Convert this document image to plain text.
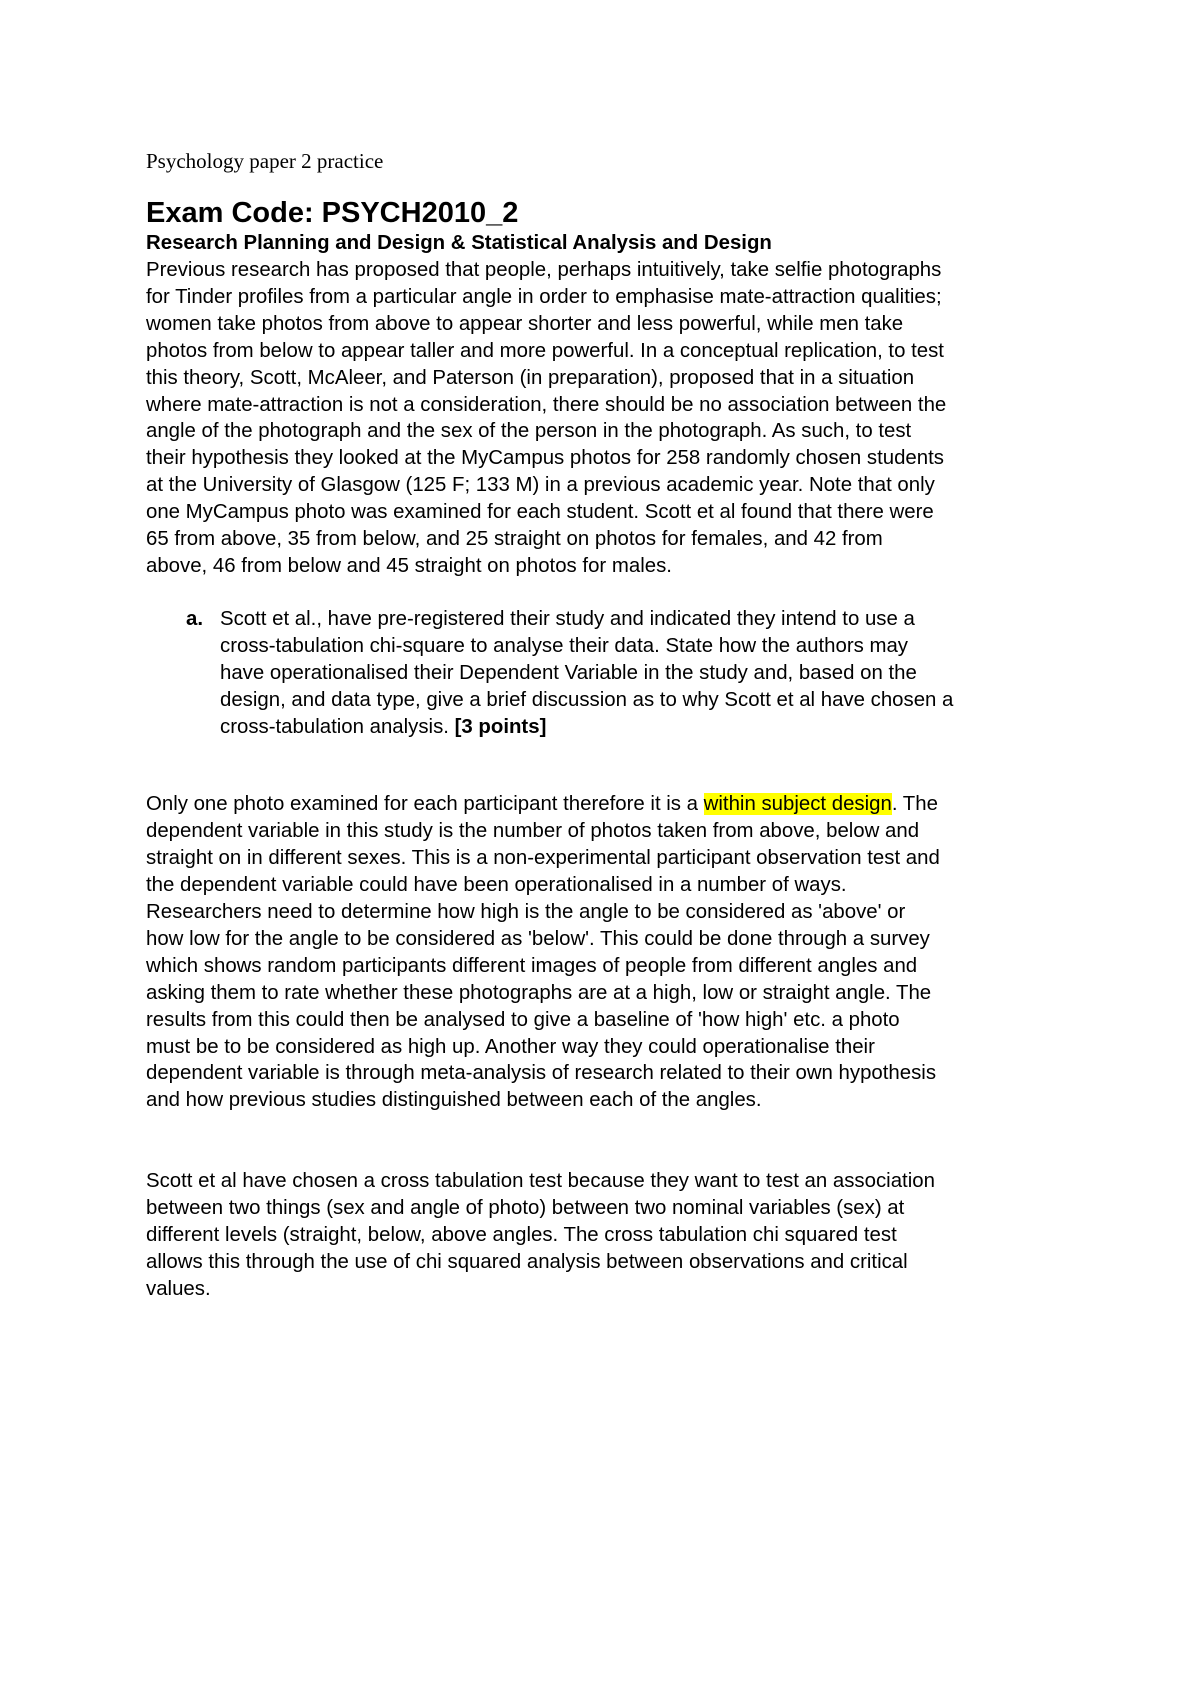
Psychology paper 2 practice
Exam Code: PSYCH2010_2
Research Planning and Design & Statistical Analysis and Design
Previous research has proposed that people, perhaps intuitively, take selfie photographs
for Tinder profiles from a particular angle in order to emphasise mate-attraction qualities;
women take photos from above to appear shorter and less powerful, while men take
photos from below to appear taller and more powerful. In a conceptual replication, to test
this theory, Scott, McAleer, and Paterson (in preparation), proposed that in a situation
where mate-attraction is not a consideration, there should be no association between the
angle of the photograph and the sex of the person in the photograph. As such, to test
their hypothesis they looked at the MyCampus photos for 258 randomly chosen students
at the University of Glasgow (125 F; 133 M) in a previous academic year. Note that only
one MyCampus photo was examined for each student. Scott et al found that there were
65 from above, 35 from below, and 25 straight on photos for females, and 42 from
above, 46 from below and 45 straight on photos for males.
a. Scott et al., have pre-registered their study and indicated they intend to use a
cross-tabulation chi-square to analyse their data. State how the authors may
have operationalised their Dependent Variable in the study and, based on the
design, and data type, give a brief discussion as to why Scott et al have chosen a
cross-tabulation analysis. [3 points]
Only one photo examined for each participant therefore it is a within subject design. The
dependent variable in this study is the number of photos taken from above, below and
straight on in different sexes. This is a non-experimental participant observation test and
the dependent variable could have been operationalised in a number of ways.
Researchers need to determine how high is the angle to be considered as 'above' or
how low for the angle to be considered as 'below'. This could be done through a survey
which shows random participants different images of people from different angles and
asking them to rate whether these photographs are at a high, low or straight angle. The
results from this could then be analysed to give a baseline of 'how high' etc. a photo
must be to be considered as high up. Another way they could operationalise their
dependent variable is through meta-analysis of research related to their own hypothesis
and how previous studies distinguished between each of the angles.
Scott et al have chosen a cross tabulation test because they want to test an association
between two things (sex and angle of photo) between two nominal variables (sex) at
different levels (straight, below, above angles. The cross tabulation chi squared test
allows this through the use of chi squared analysis between observations and critical
values.
